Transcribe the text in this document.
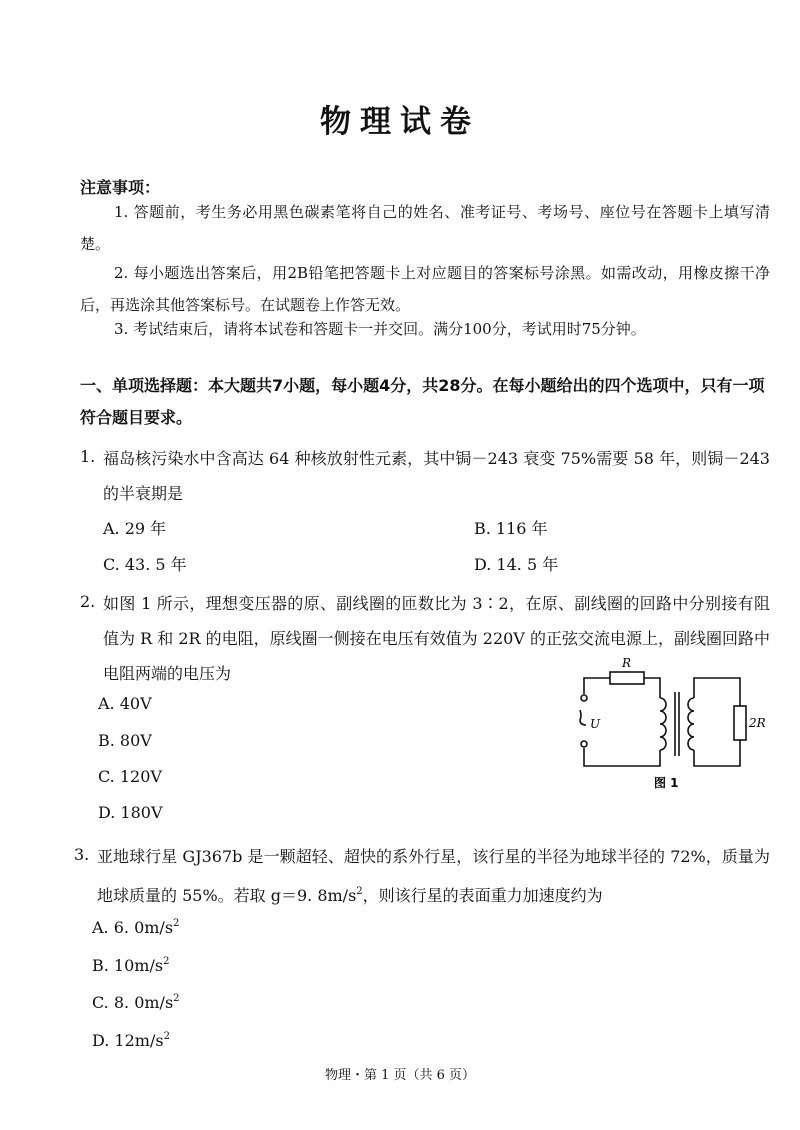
物理试卷
注意事项：
1. 答题前，考生务必用黑色碳素笔将自己的姓名、准考证号、考场号、座位号在答题卡上填写清楚。
2. 每小题选出答案后，用2B铅笔把答题卡上对应题目的答案标号涂黑。如需改动，用橡皮擦干净后，再选涂其他答案标号。在试题卷上作答无效。
3. 考试结束后，请将本试卷和答题卡一并交回。满分100分，考试用时75分钟。
一、单项选择题：本大题共7小题，每小题4分，共28分。在每小题给出的四个选项中，只有一项符合题目要求。
1. 福岛核污染水中含高达 64 种核放射性元素，其中锔－243 衰变 75%需要 58 年，则锔－243的半衰期是
A. 29 年	B. 116 年
C. 43. 5 年	D. 14. 5 年
2. 如图 1 所示，理想变压器的原、副线圈的匝数比为 3∶2，在原、副线圈的回路中分别接有阻值为 R 和 2R 的电阻，原线圈一侧接在电压有效值为 220V 的正弦交流电源上，副线圈回路中电阻两端的电压为
A. 40V
B. 80V
C. 120V
D. 180V
R
2R
U
图 1
3. 亚地球行星 GJ367b 是一颗超轻、超快的系外行星，该行星的半径为地球半径的 72%，质量为地球质量的 55%。若取 g＝9. $8m/s^2$，则该行星的表面重力加速度约为
A. 6. $0m/s^2$
B. $10m/s^2$
C. 8. $0m/s^2$
D. $12m/s^2$
物理・第 1 页（共 6 页）
